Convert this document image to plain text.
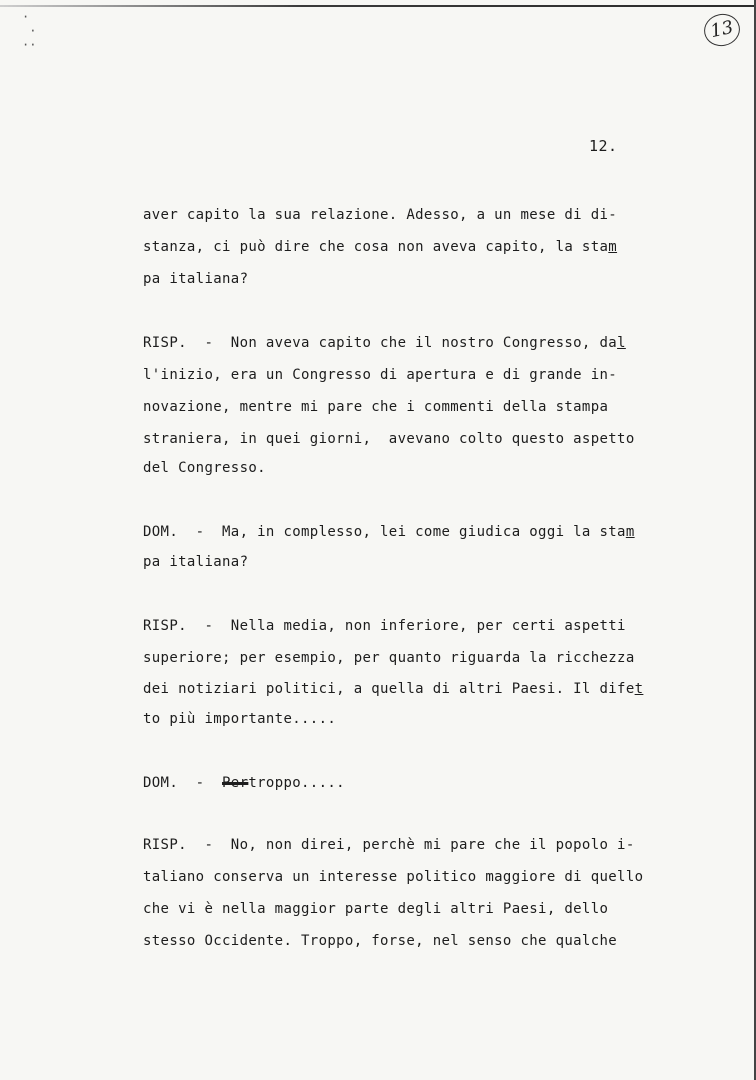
·
·
··
13
12.
aver capito la sua relazione. Adesso, a un mese di di-
stanza, ci può dire che cosa non aveva capito, la stam
pa italiana?
RISP.  -  Non aveva capito che il nostro Congresso, dal
l'inizio, era un Congresso di apertura e di grande in-
novazione, mentre mi pare che i commenti della stampa
straniera, in quei giorni,  avevano colto questo aspetto
del Congresso.
DOM.  -  Ma, in complesso, lei come giudica oggi la stam
pa italiana?
RISP.  -  Nella media, non inferiore, per certi aspetti
superiore; per esempio, per quanto riguarda la ricchezza
dei notiziari politici, a quella di altri Paesi. Il difet
to più importante.....
DOM.  -  Pertroppo.....
RISP.  -  No, non direi, perchè mi pare che il popolo i-
taliano conserva un interesse politico maggiore di quello
che vi è nella maggior parte degli altri Paesi, dello
stesso Occidente. Troppo, forse, nel senso che qualche
